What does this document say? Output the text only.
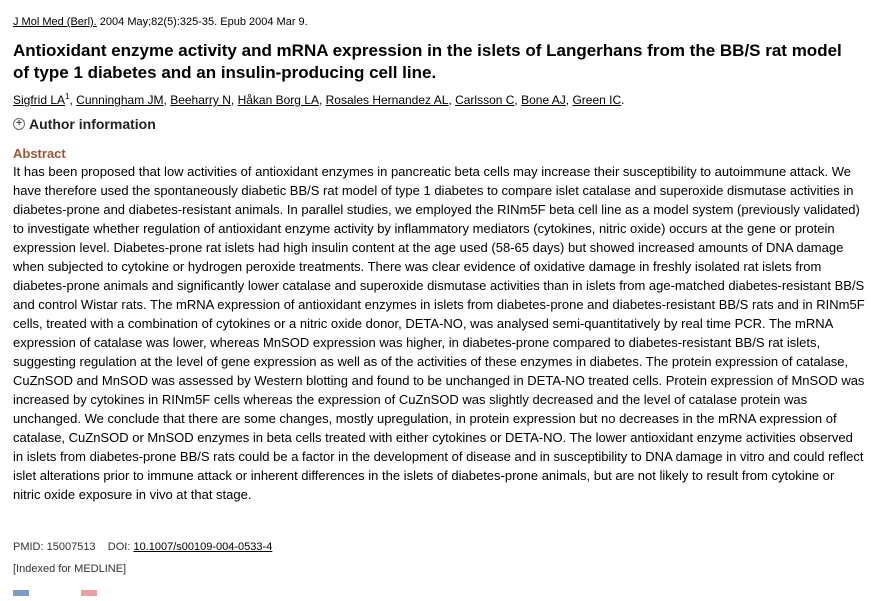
J Mol Med (Berl). 2004 May;82(5):325-35. Epub 2004 Mar 9.
Antioxidant enzyme activity and mRNA expression in the islets of Langerhans from the BB/S rat model of type 1 diabetes and an insulin-producing cell line.
Sigfrid $LA^1$, Cunningham JM, Beeharry N, Håkan Borg LA, Rosales Hernandez AL, Carlsson C, Bone AJ, Green IC.
+ Author information
Abstract

It has been proposed that low activities of antioxidant enzymes in pancreatic beta cells may increase their susceptibility to autoimmune attack. We have therefore used the spontaneously diabetic BB/S rat model of type 1 diabetes to compare islet catalase and superoxide dismutase activities in diabetes-prone and diabetes-resistant animals. In parallel studies, we employed the RINm5F beta cell line as a model system (previously validated) to investigate whether regulation of antioxidant enzyme activity by inflammatory mediators (cytokines, nitric oxide) occurs at the gene or protein expression level. Diabetes-prone rat islets had high insulin content at the age used (58-65 days) but showed increased amounts of DNA damage when subjected to cytokine or hydrogen peroxide treatments. There was clear evidence of oxidative damage in freshly isolated rat islets from diabetes-prone animals and significantly lower catalase and superoxide dismutase activities than in islets from age-matched diabetes-resistant BB/S and control Wistar rats. The mRNA expression of antioxidant enzymes in islets from diabetes-prone and diabetes-resistant BB/S rats and in RINm5F cells, treated with a combination of cytokines or a nitric oxide donor, DETA-NO, was analysed semi-quantitatively by real time PCR. The mRNA expression of catalase was lower, whereas MnSOD expression was higher, in diabetes-prone compared to diabetes-resistant BB/S rat islets, suggesting regulation at the level of gene expression as well as of the activities of these enzymes in diabetes. The protein expression of catalase, CuZnSOD and MnSOD was assessed by Western blotting and found to be unchanged in DETA-NO treated cells. Protein expression of MnSOD was increased by cytokines in RINm5F cells whereas the expression of CuZnSOD was slightly decreased and the level of catalase protein was unchanged. We conclude that there are some changes, mostly upregulation, in protein expression but no decreases in the mRNA expression of catalase, CuZnSOD or MnSOD enzymes in beta cells treated with either cytokines or DETA-NO. The lower antioxidant enzyme activities observed in islets from diabetes-prone BB/S rats could be a factor in the development of disease and in susceptibility to DNA damage in vitro and could reflect islet alterations prior to immune attack or inherent differences in the islets of diabetes-prone animals, but are not likely to result from cytokine or nitric oxide exposure in vivo at that stage.

PMID: 15007513 DOI: 10.1007/s00109-004-0533-4
[Indexed for MEDLINE]
